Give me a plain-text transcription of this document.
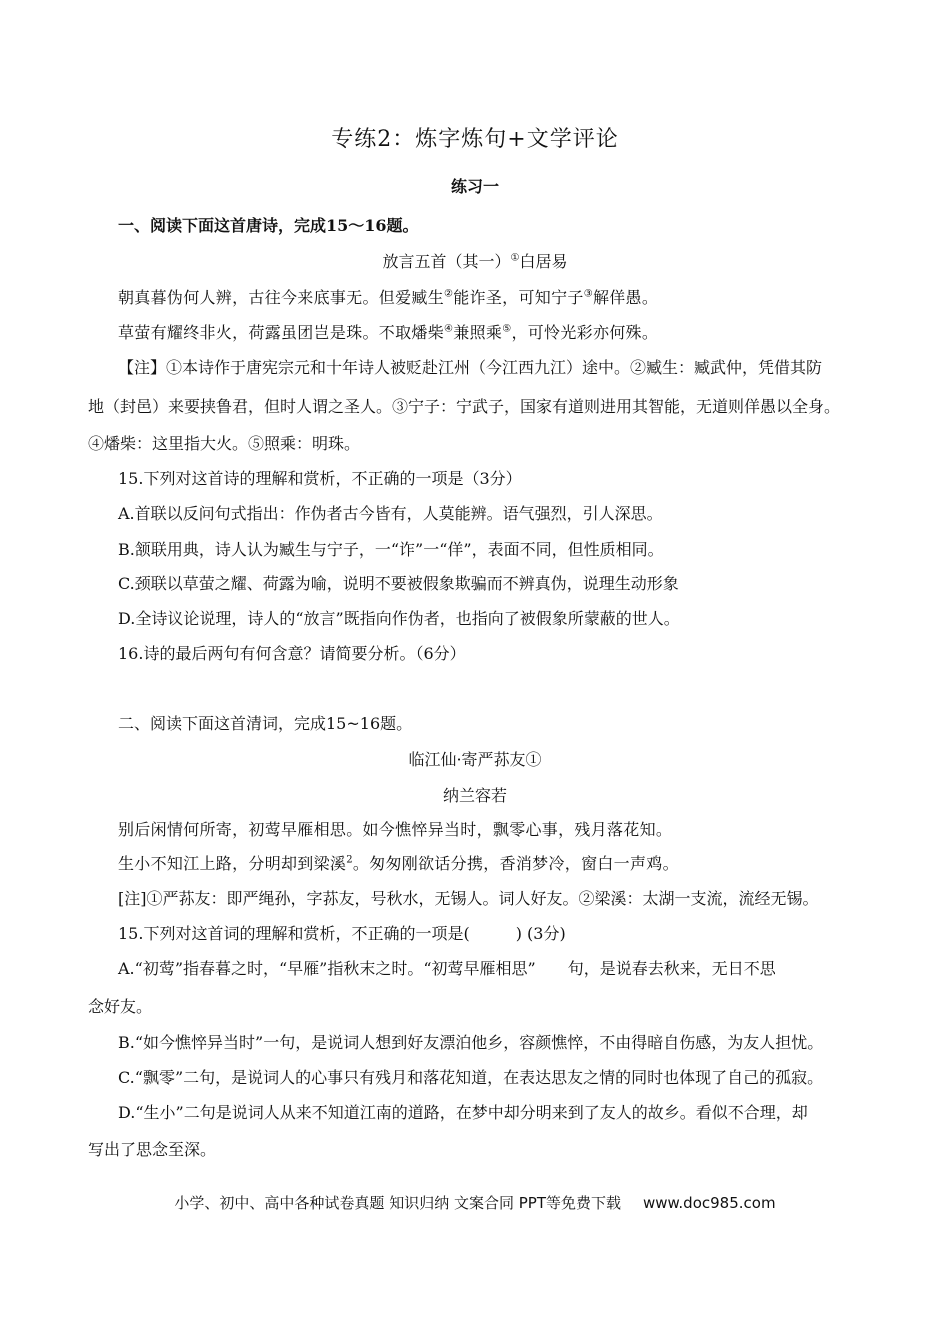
专练2：炼字炼句+文学评论
练习一
一、阅读下面这首唐诗，完成15～16题。
放言五首（其一）①白居易
朝真暮伪何人辨，古往今来底事无。但爱臧生②能诈圣，可知宁子③解佯愚。
草萤有耀终非火，荷露虽团岂是珠。不取燔柴④兼照乘⑤，可怜光彩亦何殊。
【注】①本诗作于唐宪宗元和十年诗人被贬赴江州（今江西九江）途中。②臧生：臧武仲，凭借其防
地（封邑）来要挟鲁君，但时人谓之圣人。③宁子：宁武子，国家有道则进用其智能，无道则佯愚以全身。
④燔柴：这里指大火。⑤照乘：明珠。
15.下列对这首诗的理解和赏析，不正确的一项是（3分）
A.首联以反问句式指出：作伪者古今皆有，人莫能辨。语气强烈，引人深思。
B.颔联用典，诗人认为臧生与宁子，一“诈”一“佯”，表面不同，但性质相同。
C.颈联以草萤之耀、荷露为喻，说明不要被假象欺骗而不辨真伪，说理生动形象
D.全诗议论说理，诗人的“放言”既指向作伪者，也指向了被假象所蒙蔽的世人。
16.诗的最后两句有何含意？请简要分析。（6分）
二、阅读下面这首清词，完成15~16题。
临江仙·寄严荪友①
纳兰容若
别后闲情何所寄，初莺早雁相思。如今憔悴异当时，飘零心事，残月落花知。
生小不知江上路，分明却到梁溪$^2$。匆匆刚欲话分携，香消梦冷，窗白一声鸡。
[注]①严荪友：即严绳孙，字荪友，号秋水，无锡人。词人好友。②梁溪：太湖一支流，流经无锡。
15.下列对这首词的理解和赏析，不正确的一项是(	) (3分)
A.“初莺”指春暮之时，“早雁”指秋末之时。“初莺早雁相思”　　句，是说春去秋来，无日不思
念好友。
B.“如今憔悴异当时”一句，是说词人想到好友漂泊他乡，容颜憔悴，不由得暗自伤感，为友人担忧。
C.“飘零”二句，是说词人的心事只有残月和落花知道，在表达思友之情的同时也体现了自己的孤寂。
D.“生小”二句是说词人从来不知道江南的道路，在梦中却分明来到了友人的故乡。看似不合理，却
写出了思念至深。
小学、初中、高中各种试卷真题 知识归纳 文案合同 PPT等免费下载 www.doc985.com
